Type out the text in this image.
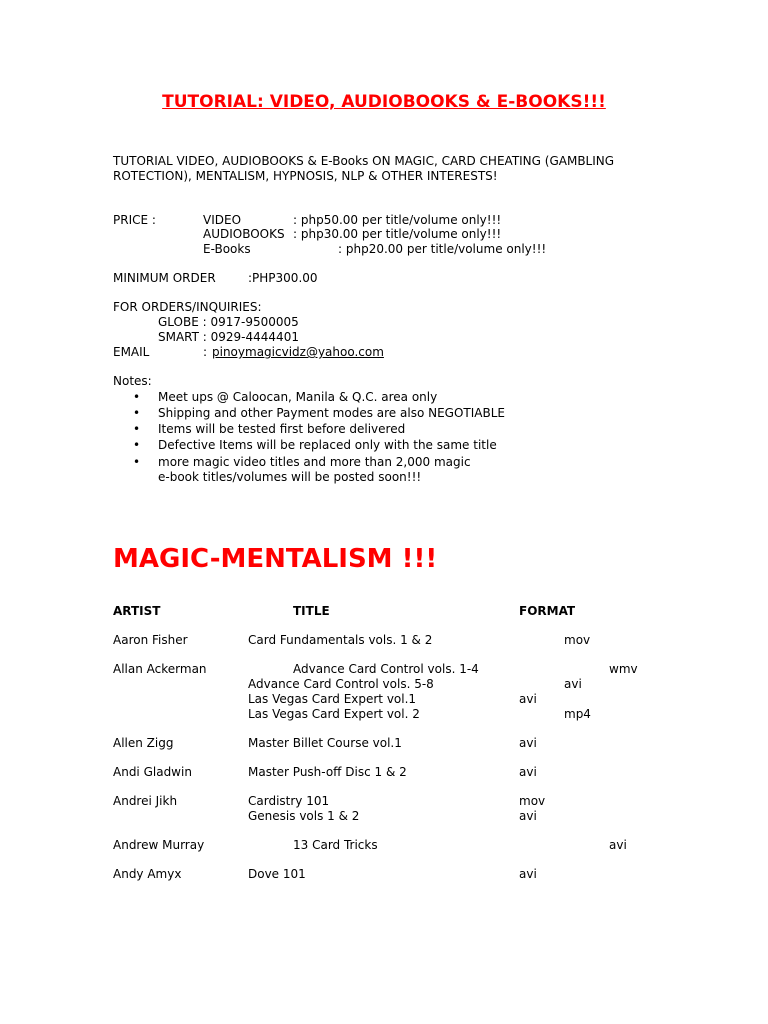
TUTORIAL: VIDEO, AUDIOBOOKS & E-BOOKS!!!
TUTORIAL VIDEO, AUDIOBOOKS & E-Books ON MAGIC, CARD CHEATING (GAMBLING
ROTECTION), MENTALISM, HYPNOSIS, NLP & OTHER INTERESTS!
PRICE :	VIDEO	: php50.00 per title/volume only!!!
AUDIOBOOKS : php30.00 per title/volume only!!!
E-Books	: php20.00 per title/volume only!!!
MINIMUM ORDER	:PHP300.00
FOR ORDERS/INQUIRIES:
GLOBE : 0917-9500005
SMART : 0929-4444401
EMAIL	: pinoymagicvidz@yahoo.com
Notes:
• Meet ups @ Caloocan, Manila & Q.C. area only
• Shipping and other Payment modes are also NEGOTIABLE
• Items will be tested first before delivered
• Defective Items will be replaced only with the same title
• more magic video titles and more than 2,000 magic
e-book titles/volumes will be posted soon!!!
MAGIC-MENTALISM !!!
ARTIST	TITLE	FORMAT
Aaron Fisher	Card Fundamentals vols. 1 & 2	mov
Allan Ackerman	Advance Card Control vols. 1-4	wmv
Advance Card Control vols. 5-8	avi
Las Vegas Card Expert vol.1	avi
Las Vegas Card Expert vol. 2	mp4
Allen Zigg	Master Billet Course vol.1	avi
Andi Gladwin	Master Push-off Disc 1 & 2	avi
Andrei Jikh	Cardistry 101	mov
Genesis vols 1 & 2	avi
Andrew Murray	13 Card Tricks	avi
Andy Amyx	Dove 101	avi
